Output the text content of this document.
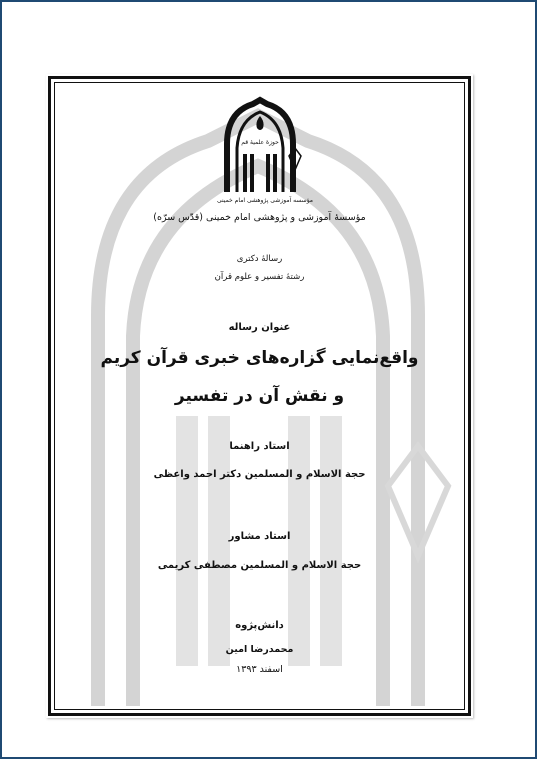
حوزهٔ علمیهٔ قم
مؤسسه آموزشی پژوهشی امام خمینی
مؤسسهٔ آموزشی و پژوهشی امام خمینی (قدّس سرّه)
رسالهٔ دکتری
رشتهٔ تفسیر و علوم قرآن
عنوان رساله
واقع‌نمایی گزاره‌های خبری قرآن کریم
و نقش آن در تفسیر
استاد راهنما
حجة الاسلام و المسلمین دکتر احمد واعظی
استاد مشاور
حجة الاسلام و المسلمین مصطفی کریمی
دانش‌پژوه
محمدرضا امین
اسفند ۱۳۹۳
